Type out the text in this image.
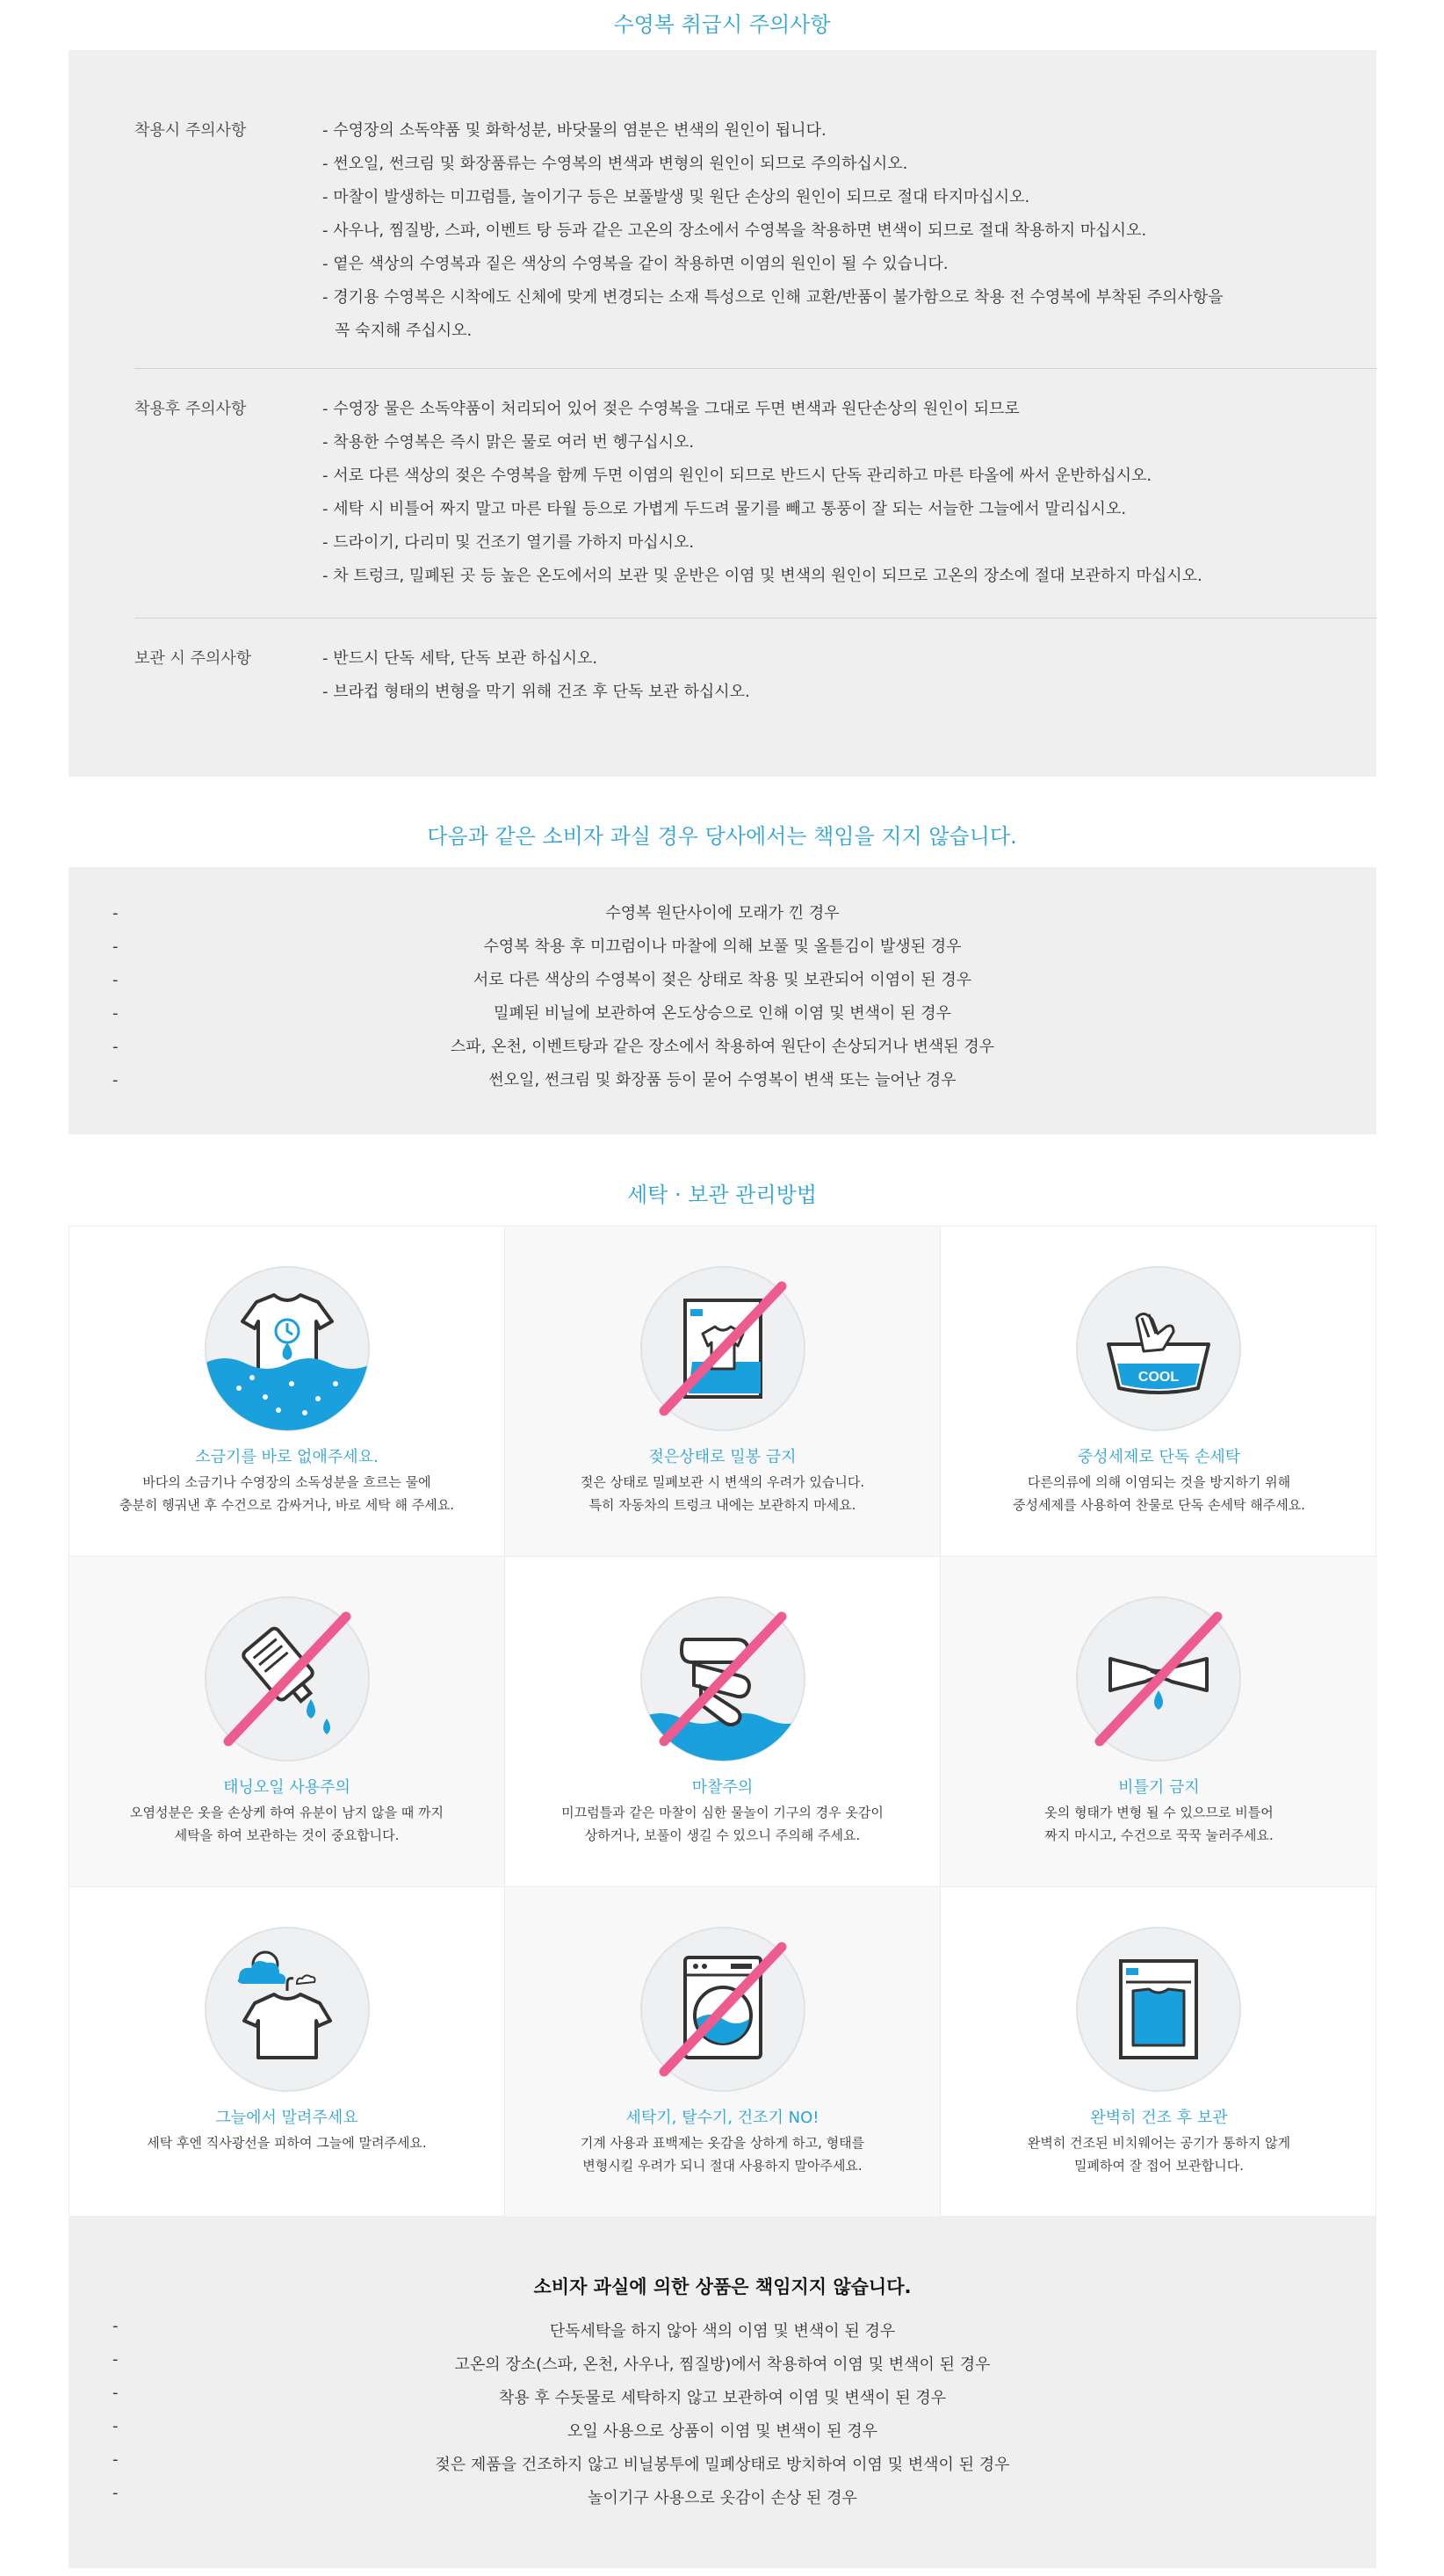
수영복 취급시 주의사항
착용시 주의사항	- 수영장의 소독약품 및 화학성분, 바닷물의 염분은 변색의 원인이 됩니다.
- 썬오일, 썬크림 및 화장품류는 수영복의 변색과 변형의 원인이 되므로 주의하십시오.
- 마찰이 발생하는 미끄럼틀, 놀이기구 등은 보풀발생 및 원단 손상의 원인이 되므로 절대 타지마십시오.
- 사우나, 찜질방, 스파, 이벤트 탕 등과 같은 고온의 장소에서 수영복을 착용하면 변색이 되므로 절대 착용하지 마십시오.
- 옅은 색상의 수영복과 짙은 색상의 수영복을 같이 착용하면 이염의 원인이 될 수 있습니다.
- 경기용 수영복은 시착에도 신체에 맞게 변경되는 소재 특성으로 인해 교환/반품이 불가함으로 착용 전 수영복에 부착된 주의사항을
꼭 숙지해 주십시오.
착용후 주의사항	- 수영장 물은 소독약품이 처리되어 있어 젖은 수영복을 그대로 두면 변색과 원단손상의 원인이 되므로
- 착용한 수영복은 즉시 맑은 물로 여러 번 헹구십시오.
- 서로 다른 색상의 젖은 수영복을 함께 두면 이염의 원인이 되므로 반드시 단독 관리하고 마른 타올에 싸서 운반하십시오.
- 세탁 시 비틀어 짜지 말고 마른 타월 등으로 가볍게 두드려 물기를 빼고 통풍이 잘 되는 서늘한 그늘에서 말리십시오.
- 드라이기, 다리미 및 건조기 열기를 가하지 마십시오.
- 차 트렁크, 밀폐된 곳 등 높은 온도에서의 보관 및 운반은 이염 및 변색의 원인이 되므로 고온의 장소에 절대 보관하지 마십시오.
보관 시 주의사항	- 반드시 단독 세탁, 단독 보관 하십시오.
- 브라컵 형태의 변형을 막기 위해 건조 후 단독 보관 하십시오.
다음과 같은 소비자 과실 경우 당사에서는 책임을 지지 않습니다.
-	수영복 원단사이에 모래가 낀 경우
-	수영복 착용 후 미끄럼이나 마찰에 의해 보풀 및 올튿김이 발생된 경우
-	서로 다른 색상의 수영복이 젖은 상태로 착용 및 보관되어 이염이 된 경우
-	밀폐된 비닐에 보관하여 온도상승으로 인해 이염 및 변색이 된 경우
-	스파, 온천, 이벤트탕과 같은 장소에서 착용하여 원단이 손상되거나 변색된 경우
-	썬오일, 썬크림 및 화장품 등이 묻어 수영복이 변색 또는 늘어난 경우
세탁 · 보관 관리방법
소금기를 바로 없애주세요.
바다의 소금기나 수영장의 소독성분을 흐르는 물에
충분히 헹궈낸 후 수건으로 감싸거나, 바로 세탁 해 주세요.
젖은상태로 밀봉 금지
젖은 상태로 밀폐보관 시 변색의 우려가 있습니다.
특히 자동차의 트렁크 내에는 보관하지 마세요.
COOL
중성세제로 단독 손세탁
다른의류에 의해 이염되는 것을 방지하기 위해
중성세제를 사용하여 찬물로 단독 손세탁 해주세요.
태닝오일 사용주의
오염성분은 옷을 손상케 하여 유분이 남지 않을 때 까지
세탁을 하여 보관하는 것이 중요합니다.
마찰주의
미끄럼틀과 같은 마찰이 심한 물놀이 기구의 경우 옷감이
상하거나, 보풀이 생길 수 있으니 주의해 주세요.
비틀기 금지
옷의 형태가 변형 될 수 있으므로 비틀어
짜지 마시고, 수건으로 꾹꾹 눌러주세요.
그늘에서 말려주세요
세탁 후엔 직사광선을 피하여 그늘에 말려주세요.
세탁기, 탈수기, 건조기 NO!
기계 사용과 표백제는 옷감을 상하게 하고, 형태를
변형시킬 우려가 되니 절대 사용하지 말아주세요.
완벽히 건조 후 보관
완벽히 건조된 비치웨어는 공기가 통하지 않게
밀폐하여 잘 접어 보관합니다.
소비자 과실에 의한 상품은 책임지지 않습니다.
-	단독세탁을 하지 않아 색의 이염 및 변색이 된 경우
-	고온의 장소(스파, 온천, 사우나, 찜질방)에서 착용하여 이염 및 변색이 된 경우
-	착용 후 수돗물로 세탁하지 않고 보관하여 이염 및 변색이 된 경우
-	오일 사용으로 상품이 이염 및 변색이 된 경우
-	젖은 제품을 건조하지 않고 비닐봉투에 밀폐상태로 방치하여 이염 및 변색이 된 경우
-	놀이기구 사용으로 옷감이 손상 된 경우
